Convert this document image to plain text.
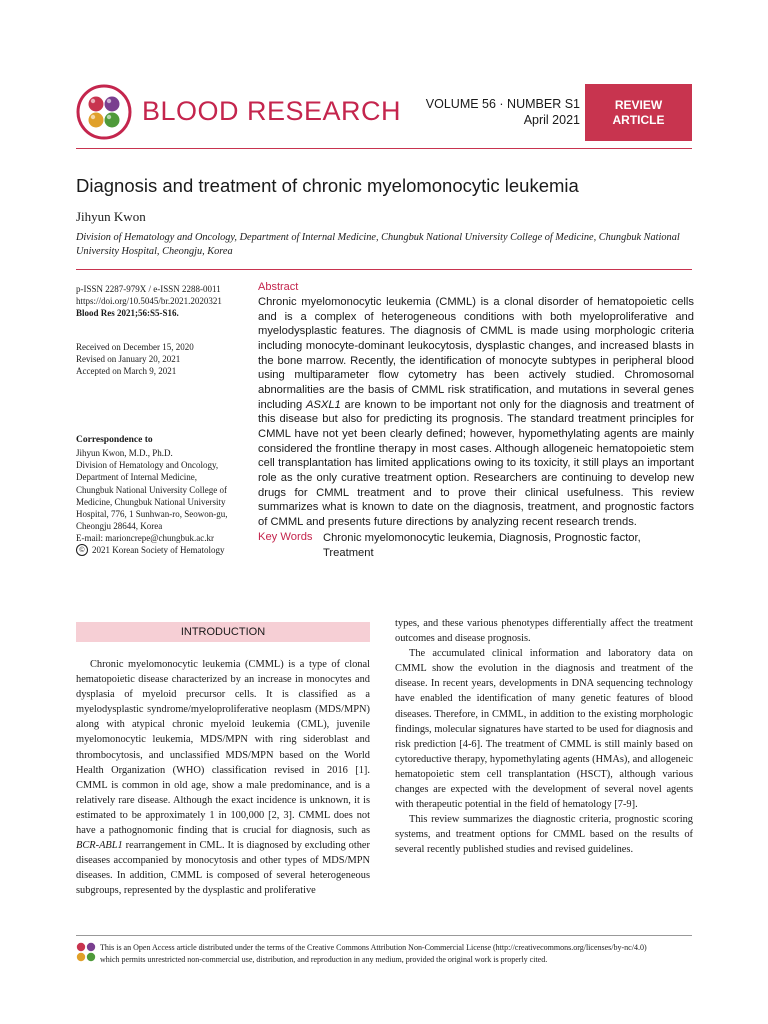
BLOOD RESEARCH	VOLUME 56 · NUMBER S1
April 2021
REVIEW
ARTICLE
Diagnosis and treatment of chronic myelomonocytic leukemia
Jihyun Kwon
Division of Hematology and Oncology, Department of Internal Medicine, Chungbuk National University College of Medicine, Chungbuk National University Hospital, Cheongju, Korea
p-ISSN 2287-979X / e-ISSN 2288-0011
https://doi.org/10.5045/br.2021.2020321
Blood Res 2021;56:S5-S16.
Received on December 15, 2020
Revised on January 20, 2021
Accepted on March 9, 2021
Correspondence to
Jihyun Kwon, M.D., Ph.D.
Division of Hematology and Oncology,
Department of Internal Medicine,
Chungbuk National University College of
Medicine, Chungbuk National University
Hospital, 776, 1 Sunhwan-ro, Seowon-gu,
Cheongju 28644, Korea
E-mail: marioncrepe@chungbuk.ac.kr
© 2021 Korean Society of Hematology
Abstract
Chronic myelomonocytic leukemia (CMML) is a clonal disorder of hematopoietic cells and is a complex of heterogeneous conditions with both myeloproliferative and myelodysplastic features. The diagnosis of CMML is made using morphologic criteria including monocyte-dominant leukocytosis, dysplastic changes, and increased blasts in the bone marrow. Recently, the identification of monocyte subtypes in peripheral blood using multiparameter flow cytometry has been actively studied. Chromosomal abnormalities are the basis of CMML risk stratification, and mutations in several genes including ASXL1 are known to be important not only for the diagnosis and treatment of this disease but also for predicting its prognosis. The standard treatment principles for CMML have not yet been clearly defined; however, hypomethylating agents are mainly considered the frontline therapy in most cases. Although allogeneic hematopoietic stem cell transplantation has limited applications owing to its toxicity, it still plays an important role as the only curative treatment option. Researchers are continuing to develop new drugs for CMML treatment and to prove their clinical usefulness. This review summarizes what is known to date on the diagnosis, treatment, and prognostic factors of CMML and presents future directions by analyzing recent research trends.
Key Words Chronic myelomonocytic leukemia, Diagnosis, Prognostic factor, Treatment
INTRODUCTION

Chronic myelomonocytic leukemia (CMML) is a type of clonal hematopoietic disease characterized by an increase in monocytes and dysplasia of myeloid precursor cells. It is classified as a myelodysplastic syndrome/myeloproliferative neoplasm (MDS/MPN) along with atypical chronic myeloid leukemia (CML), juvenile myelomonocytic leukemia, MDS/MPN with ring sideroblast and thrombocytosis, and unclassified MDS/MPN based on the World Health Organization (WHO) classification revised in 2016 [1]. CMML is common in old age, show a male predominance, and is a relatively rare disease. Although the exact incidence is unknown, it is estimated to be approximately 1 in 100,000 [2, 3]. CMML does not have a pathognomonic finding that is crucial for diagnosis, such as BCR-ABL1 rearrangement in CML. It is diagnosed by excluding other diseases accompanied by monocytosis and other types of MDS/MPN diseases. In addition, CMML is composed of several heterogeneous subgroups, represented by the dysplastic and proliferative

types, and these various phenotypes differentially affect the treatment outcomes and disease prognosis.

The accumulated clinical information and laboratory data on CMML show the evolution in the diagnosis and treatment of the disease. In recent years, developments in DNA sequencing technology have enabled the identification of many genetic features of blood diseases. Therefore, in CMML, in addition to the existing morphologic findings, molecular signatures have started to be used for diagnosis and risk prediction [4-6]. The treatment of CMML is still mainly based on cytoreductive therapy, hypomethylating agents (HMAs), and allogeneic hematopoietic stem cell transplantation (HSCT), although various changes are expected with the development of several novel agents with therapeutic potential in the field of hematology [7-9].

This review summarizes the diagnostic criteria, prognostic scoring systems, and treatment options for CMML based on the results of several recently published studies and revised guidelines.

This is an Open Access article distributed under the terms of the Creative Commons Attribution Non-Commercial License (http://creativecommons.org/licenses/by-nc/4.0)
which permits unrestricted non-commercial use, distribution, and reproduction in any medium, provided the original work is properly cited.
